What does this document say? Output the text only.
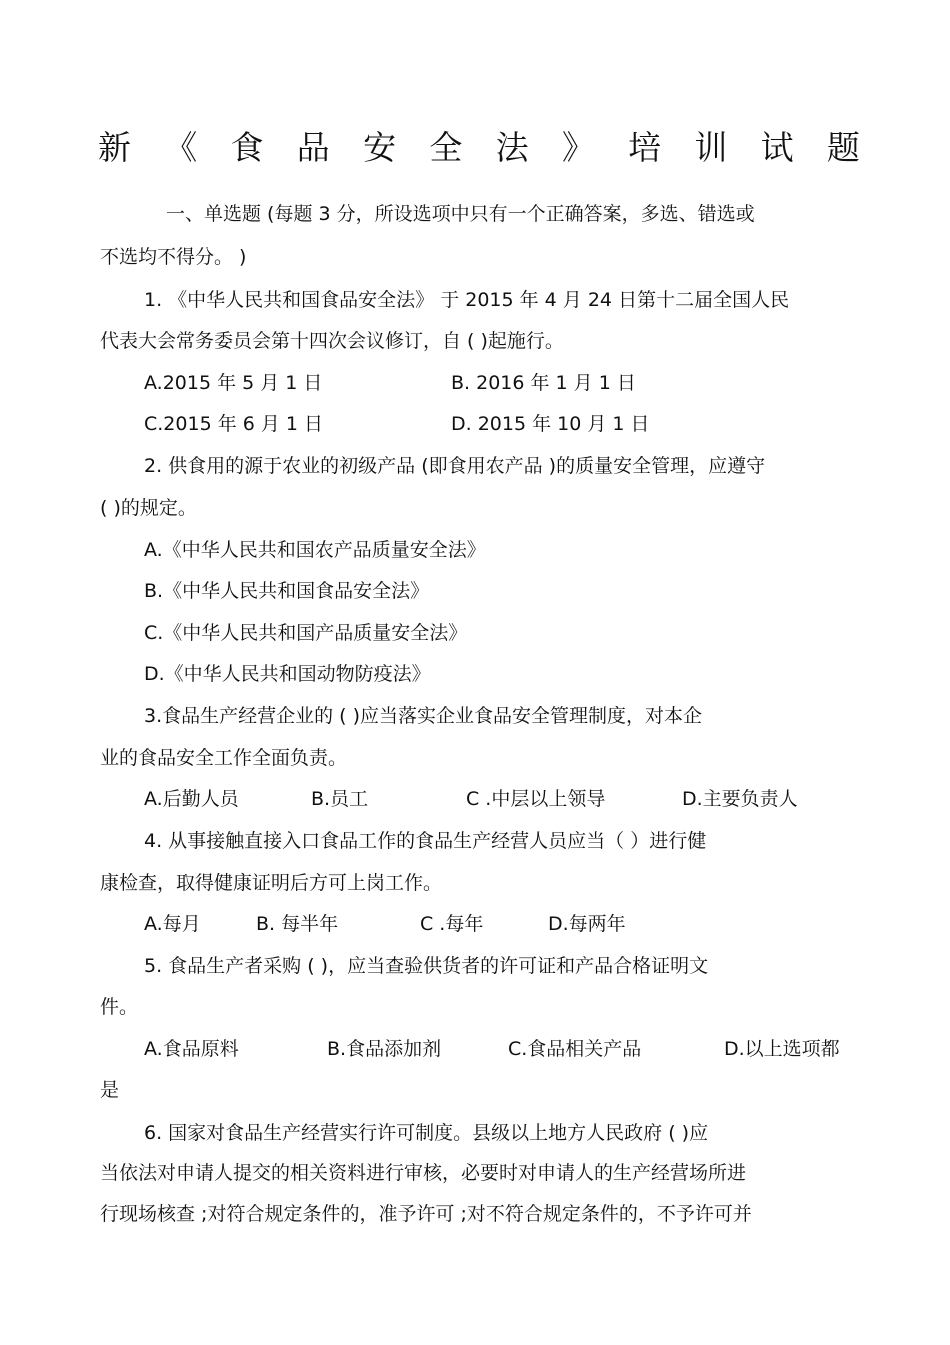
新 《 食 品 安 全 法 》 培 训 试 题
一、单选题 (每题 3 分，所设选项中只有一个正确答案，多选、错选或
不选均不得分。 )
1. 《中华人民共和国食品安全法》 于 2015 年 4 月 24 日第十二届全国人民
代表大会常务委员会第十四次会议修订，自 ( )起施行。
A.2015 年 5 月 1 日	B. 2016 年 1 月 1 日
C.2015 年 6 月 1 日	D. 2015 年 10 月 1 日
2. 供食用的源于农业的初级产品 (即食用农产品 )的质量安全管理，应遵守
( )的规定。
A.《中华人民共和国农产品质量安全法》
B.《中华人民共和国食品安全法》
C.《中华人民共和国产品质量安全法》
D.《中华人民共和国动物防疫法》
3.食品生产经营企业的 ( )应当落实企业食品安全管理制度，对本企
业的食品安全工作全面负责。
A.后勤人员	B.员工	C .中层以上领导	D.主要负责人
4. 从事接触直接入口食品工作的食品生产经营人员应当（ ）进行健
康检查，取得健康证明后方可上岗工作。
A.每月	B. 每半年	C .每年	D.每两年
5. 食品生产者采购 ( )，应当查验供货者的许可证和产品合格证明文
件。
A.食品原料	B.食品添加剂	C.食品相关产品	D.以上选项都
是
6. 国家对食品生产经营实行许可制度。县级以上地方人民政府 ( )应
当依法对申请人提交的相关资料进行审核，必要时对申请人的生产经营场所进
行现场核查 ;对符合规定条件的，准予许可 ;对不符合规定条件的，不予许可并
